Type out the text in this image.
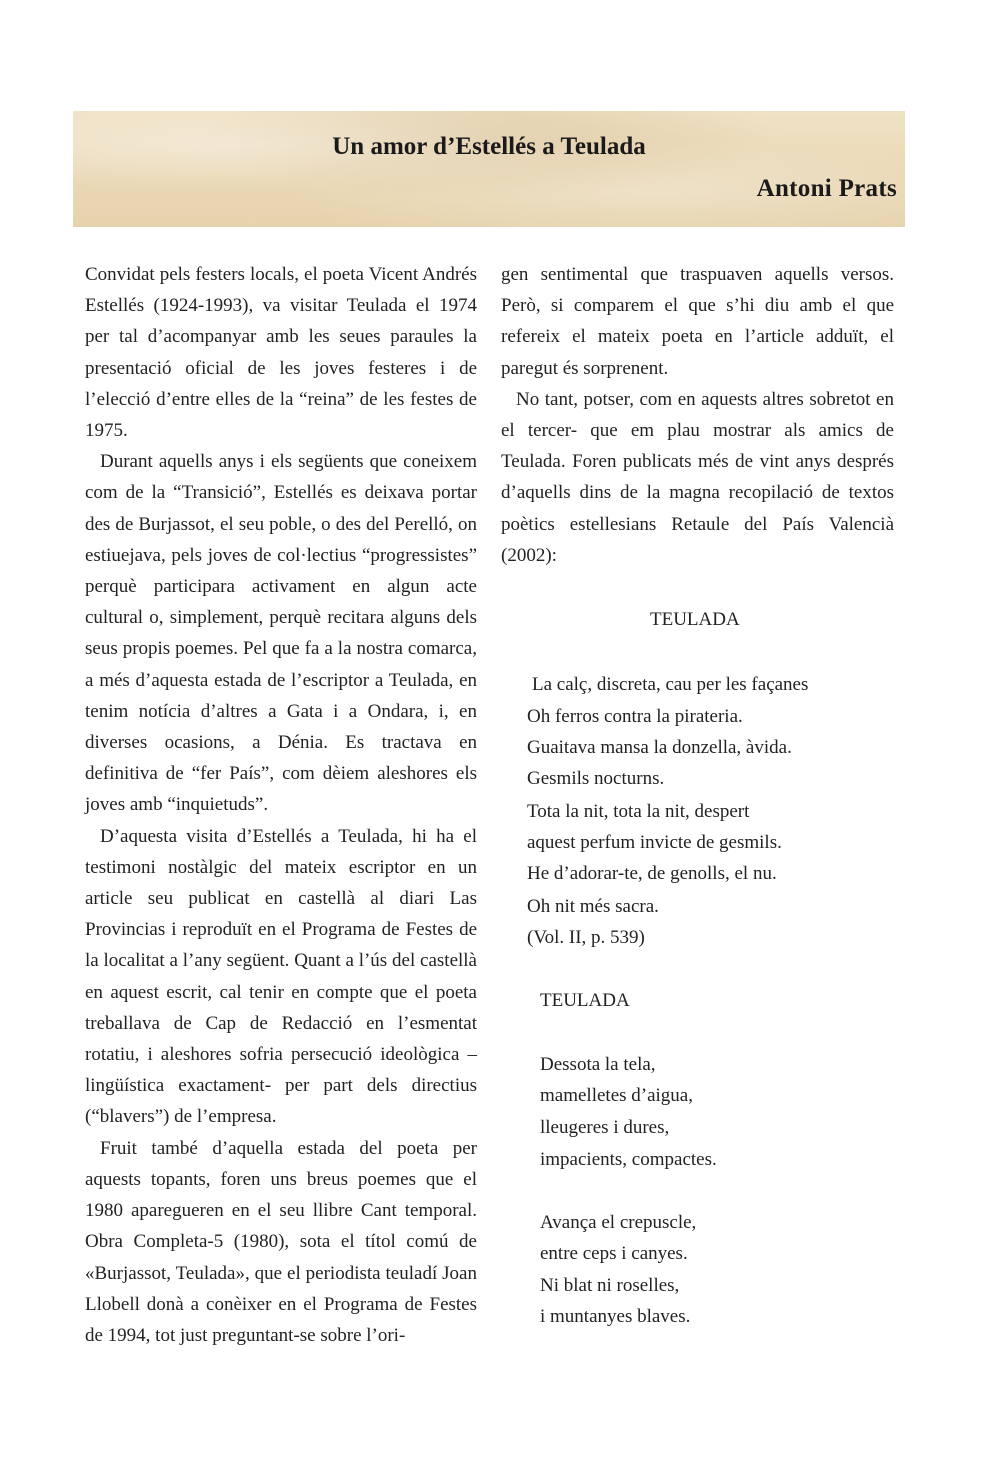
Un amor d’Estellés a Teulada
Antoni Prats

Convidat pels festers locals, el poeta Vicent Andrés Estellés (1924-1993), va visitar Teulada el 1974 per tal d’acompanyar amb les seues paraules la presentació oficial de les joves festeres i de l’elecció d’entre elles de la “reina” de les festes de 1975.

Durant aquells anys i els següents que coneixem com de la “Transició”, Estellés es deixava portar des de Burjassot, el seu poble, o des del Perelló, on estiuejava, pels joves de col·lectius “progressistes” perquè participara activament en algun acte cultural o, simplement, perquè recitara alguns dels seus propis poemes. Pel que fa a la nostra comarca, a més d’aquesta estada de l’escriptor a Teulada, en tenim notícia d’altres a Gata i a Ondara, i, en diverses ocasions, a Dénia. Es tractava en definitiva de “fer País”, com dèiem aleshores els joves amb “inquietuds”.

D’aquesta visita d’Estellés a Teulada, hi ha el testimoni nostàlgic del mateix escriptor en un article seu publicat en castellà al diari Las Provincias i reproduït en el Programa de Festes de la localitat a l’any següent. Quant a l’ús del castellà en aquest escrit, cal tenir en compte que el poeta treballava de Cap de Redacció en l’esmentat rotatiu, i aleshores sofria persecució ideològica –lingüística exactament- per part dels directius (“blavers”) de l’empresa.

Fruit també d’aquella estada del poeta per aquests topants, foren uns breus poemes que el 1980 aparegueren en el seu llibre Cant temporal. Obra Completa-5 (1980), sota el títol comú de «Burjassot, Teulada», que el periodista teuladí Joan Llobell donà a conèixer en el Programa de Festes de 1994, tot just preguntant-se sobre l’ori-

gen sentimental que traspuaven aquells versos. Però, si comparem el que s’hi diu amb el que refereix el mateix poeta en l’article adduït, el paregut és sorprenent.

No tant, potser, com en aquests altres sobretot en el tercer- que em plau mostrar als amics de Teulada. Foren publicats més de vint anys després d’aquells dins de la magna recopilació de textos poètics estellesians Retaule del País Valencià (2002):

TEULADA
La calç, discreta, cau per les façanes
Oh ferros contra la pirateria.
Guaitava mansa la donzella, àvida.
Gesmils nocturns.
Tota la nit, tota la nit, despert
aquest perfum invicte de gesmils.
He d’adorar-te, de genolls, el nu.
Oh nit més sacra.
(Vol. II, p. 539)
TEULADA
Dessota la tela,
mamelletes d’aigua,
lleugeres i dures,
impacients, compactes.
Avança el crepuscle,
entre ceps i canyes.
Ni blat ni roselles,
i muntanyes blaves.
